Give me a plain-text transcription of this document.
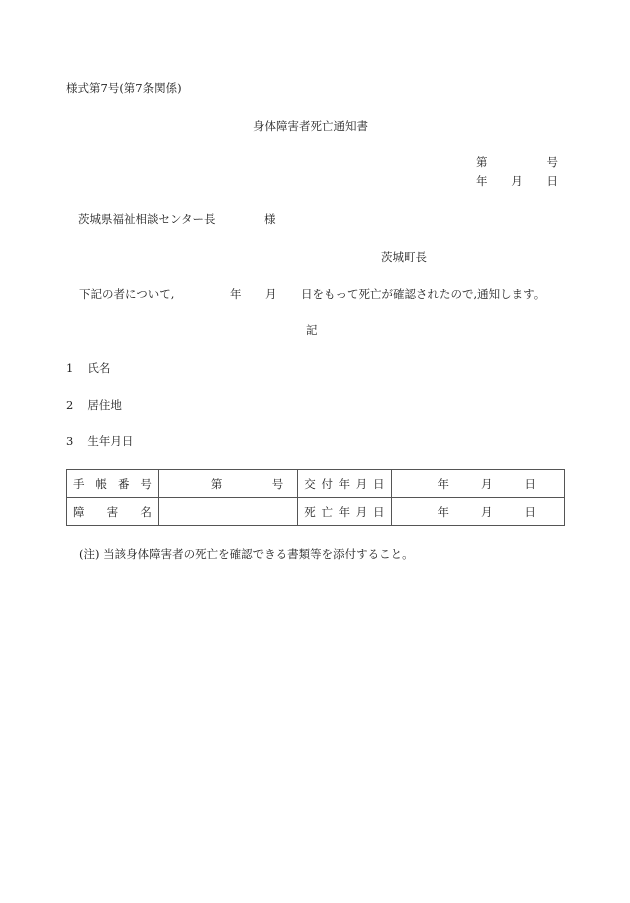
様式第7号(第7条関係)
身体障害者死亡通知書
第	号
年 月 日
茨城県福祉相談センター長	様
茨城町長
下記の者について,	年 月 日をもって死亡が確認されたので,通知します。
記
1 氏名
2 居住地
3 生年月日
手 帳 番 号	第 号	交 付 年 月 日	年 月 日

障 害 名		死 亡 年 月 日	年 月 日
(注) 当該身体障害者の死亡を確認できる書類等を添付すること。
